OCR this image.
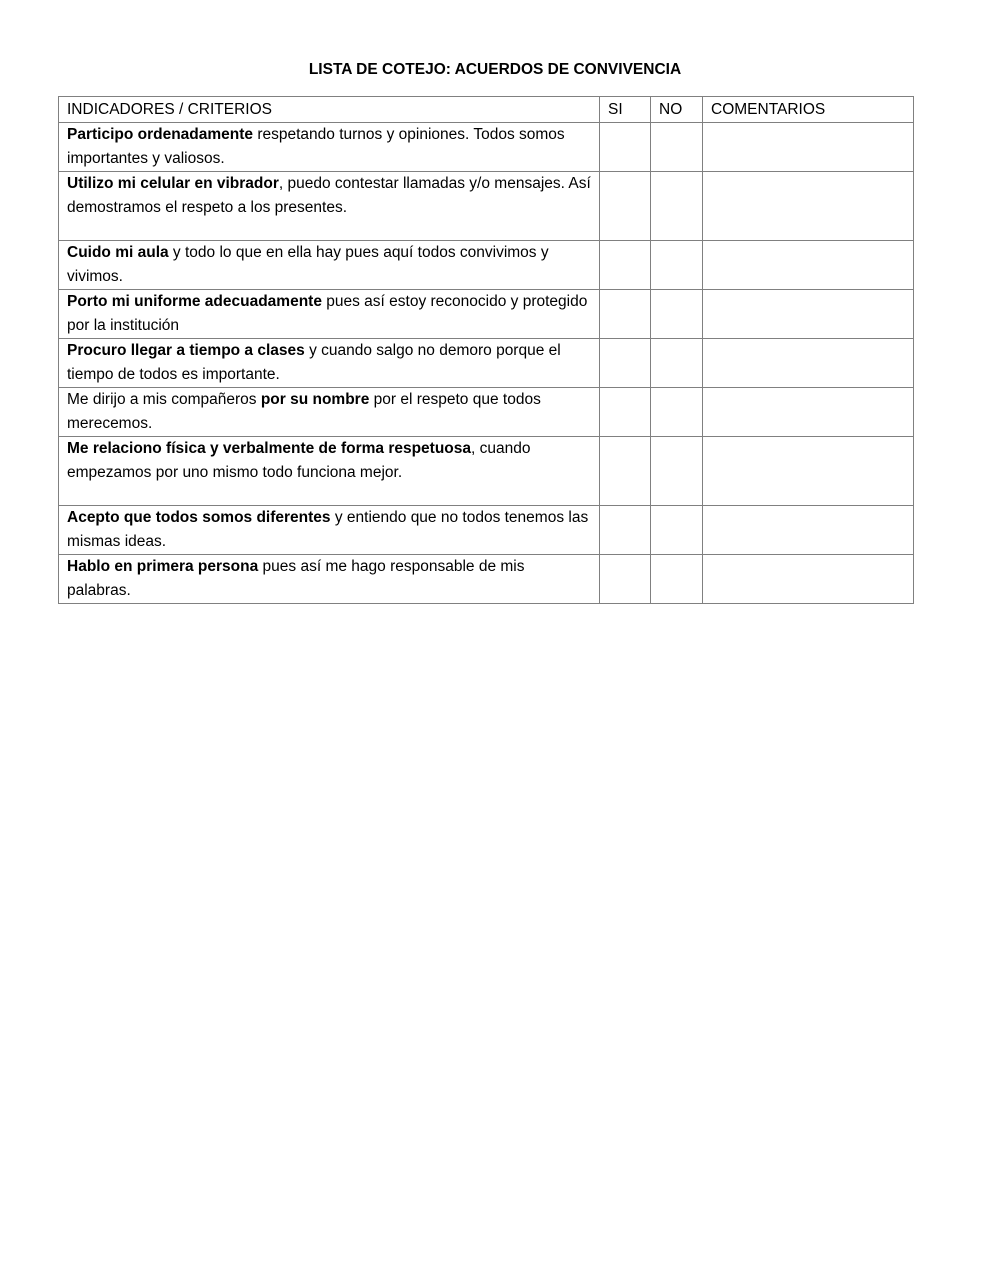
LISTA DE COTEJO: ACUERDOS DE CONVIVENCIA
INDICADORES / CRITERIOS	SI	NO	COMENTARIOS
Participo ordenadamente respetando turnos y opiniones. Todos somos importantes y valiosos.			
Utilizo mi celular en vibrador, puedo contestar llamadas y/o mensajes. Así demostramos el respeto a los presentes.			
Cuido mi aula y todo lo que en ella hay pues aquí todos convivimos y vivimos.			
Porto mi uniforme adecuadamente pues así estoy reconocido y protegido por la institución			
Procuro llegar a tiempo a clases y cuando salgo no demoro porque el tiempo de todos es importante.			
Me dirijo a mis compañeros por su nombre por el respeto que todos merecemos.			
Me relaciono física y verbalmente de forma respetuosa, cuando empezamos por uno mismo todo funciona mejor.			
Acepto que todos somos diferentes y entiendo que no todos tenemos las mismas ideas.			
Hablo en primera persona pues así me hago responsable de mis palabras.			
